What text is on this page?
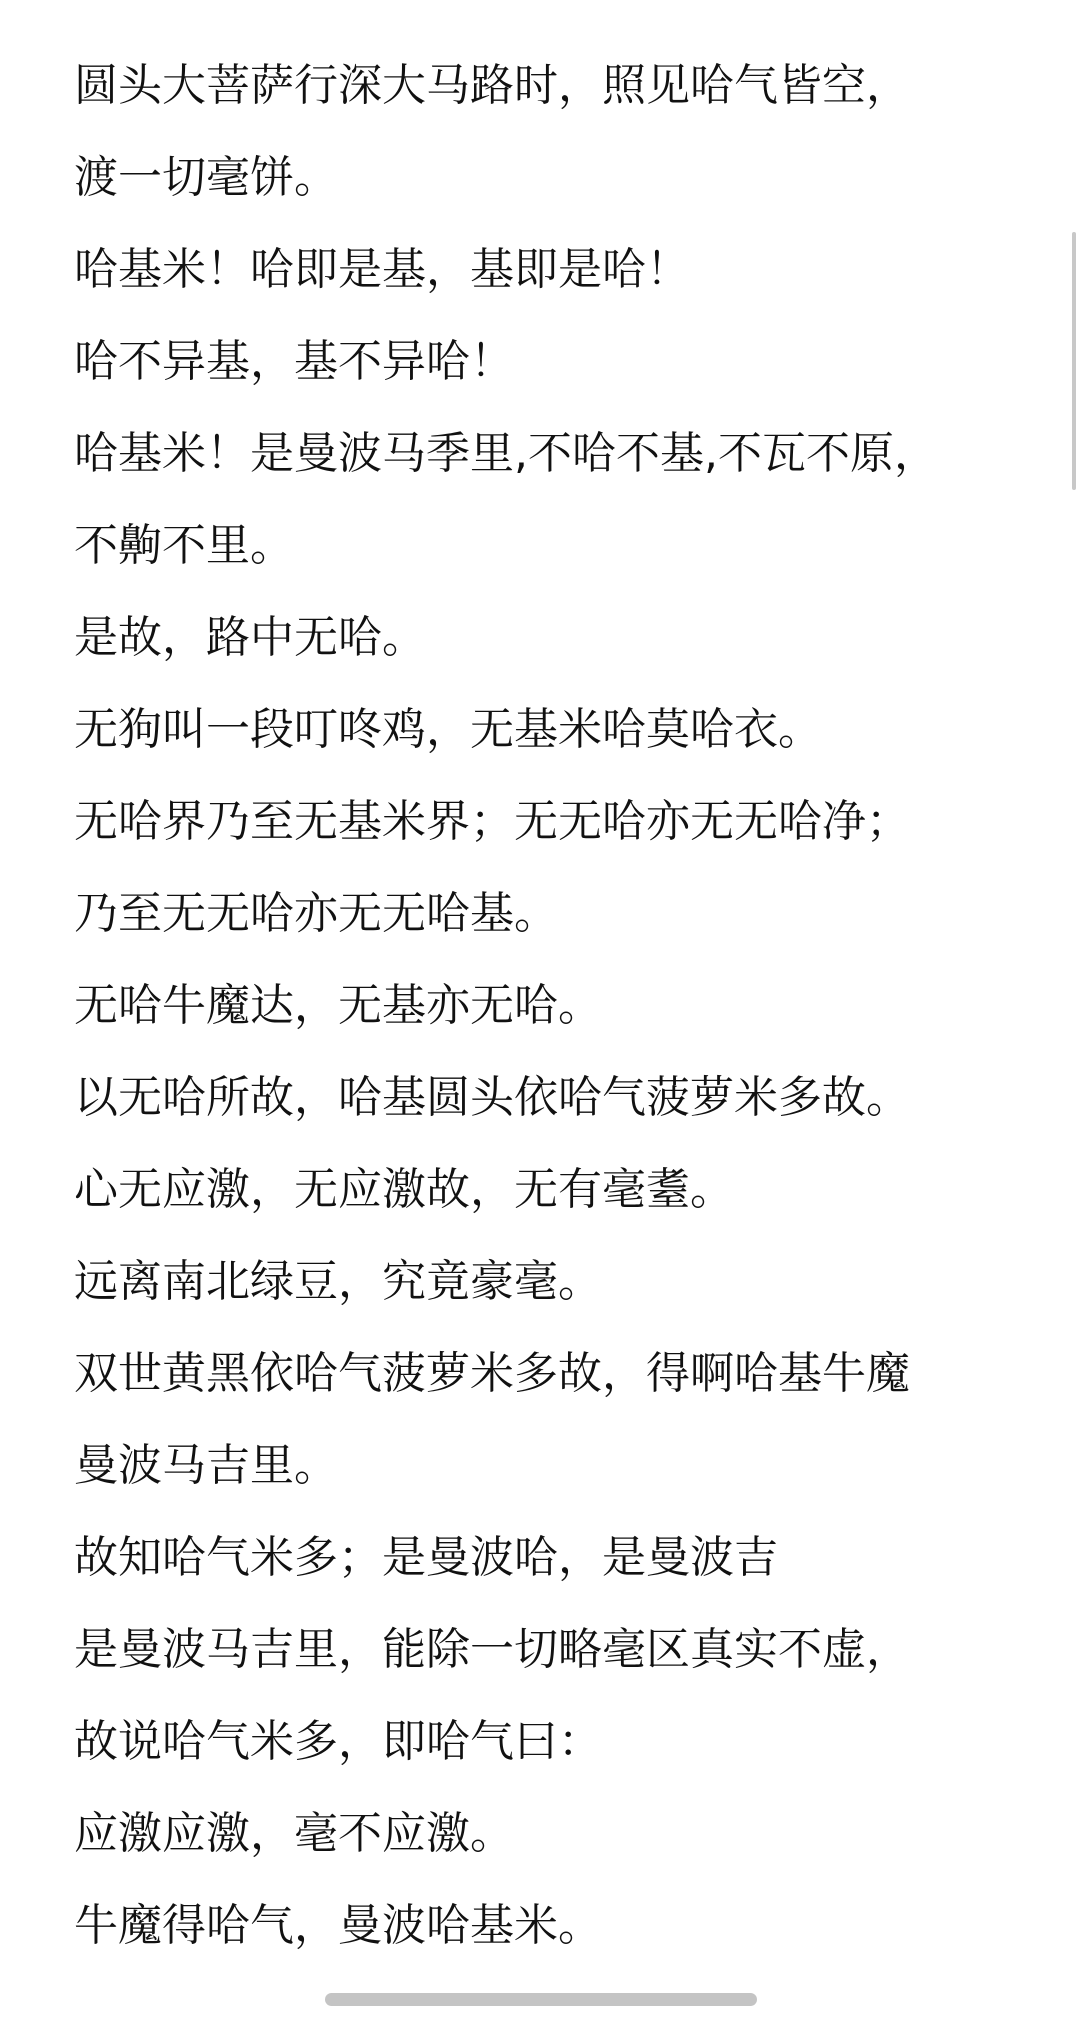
圆头大菩萨行深大马路时，照见哈气皆空，
渡一切毫饼。
哈基米！哈即是基，基即是哈！
哈不异基，基不异哈！
哈基米！是曼波马季里,不哈不基,不瓦不原，
不齁不里。
是故，路中无哈。
无狗叫一段叮咚鸡，无基米哈莫哈衣。
无哈界乃至无基米界；无无哈亦无无哈净；
乃至无无哈亦无无哈基。
无哈牛魔达，无基亦无哈。
以无哈所故，哈基圆头依哈气菠萝米多故。
心无应激，无应激故，无有毫耋。
远离南北绿豆，究竟豪毫。
双世黄黑依哈气菠萝米多故，得啊哈基牛魔
曼波马吉里。
故知哈气米多；是曼波哈，是曼波吉
是曼波马吉里，能除一切略毫区真实不虚，
故说哈气米多，即哈气曰：
应激应激，毫不应激。
牛魔得哈气，曼波哈基米。
